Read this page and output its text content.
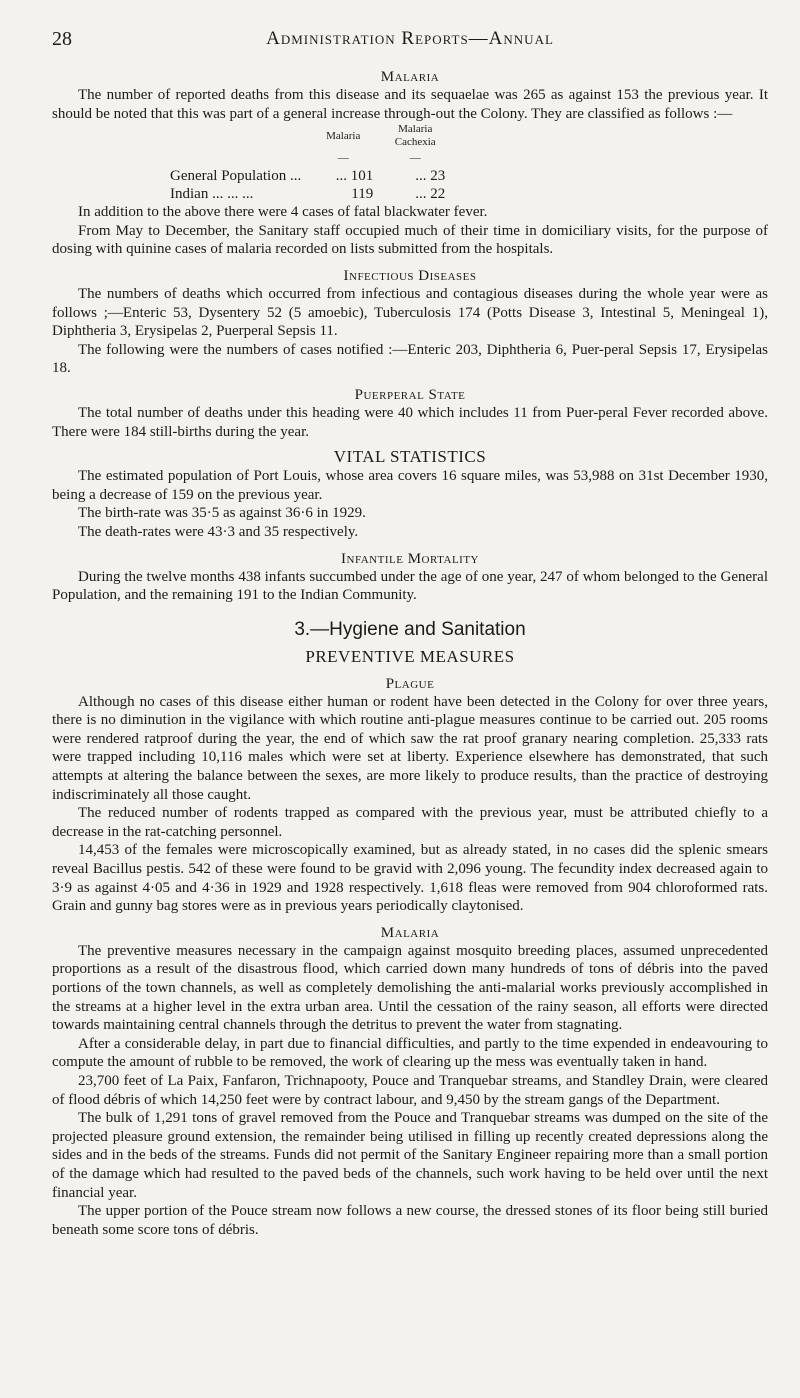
28	Administration Reports—Annual
Malaria

The number of reported deaths from this disease and its sequaelae was 265 as against 153 the previous year. It should be noted that this was part of a general increase through-out the Colony. They are classified as follows :—

	Malaria	Malaria Cachexia
	—	—
General Population ...	... 101	... 23
Indian ... ... ...	119	... 22

In addition to the above there were 4 cases of fatal blackwater fever.

From May to December, the Sanitary staff occupied much of their time in domiciliary visits, for the purpose of dosing with quinine cases of malaria recorded on lists submitted from the hospitals.

Infectious Diseases

The numbers of deaths which occurred from infectious and contagious diseases during the whole year were as follows ;—Enteric 53, Dysentery 52 (5 amoebic), Tuberculosis 174 (Potts Disease 3, Intestinal 5, Meningeal 1), Diphtheria 3, Erysipelas 2, Puerperal Sepsis 11.

The following were the numbers of cases notified :—Enteric 203, Diphtheria 6, Puer-peral Sepsis 17, Erysipelas 18.

Puerperal State

The total number of deaths under this heading were 40 which includes 11 from Puer-peral Fever recorded above. There were 184 still-births during the year.

VITAL STATISTICS

The estimated population of Port Louis, whose area covers 16 square miles, was 53,988 on 31st December 1930, being a decrease of 159 on the previous year.

The birth-rate was 35·5 as against 36·6 in 1929.

The death-rates were 43·3 and 35 respectively.

Infantile Mortality

During the twelve months 438 infants succumbed under the age of one year, 247 of whom belonged to the General Population, and the remaining 191 to the Indian Community.

3.—Hygiene and Sanitation
PREVENTIVE MEASURES
Plague

Although no cases of this disease either human or rodent have been detected in the Colony for over three years, there is no diminution in the vigilance with which routine anti-plague measures continue to be carried out. 205 rooms were rendered ratproof during the year, the end of which saw the rat proof granary nearing completion. 25,333 rats were trapped including 10,116 males which were set at liberty. Experience elsewhere has demonstrated, that such attempts at altering the balance between the sexes, are more likely to produce results, than the practice of destroying indiscriminately all those caught.

The reduced number of rodents trapped as compared with the previous year, must be attributed chiefly to a decrease in the rat-catching personnel.

14,453 of the females were microscopically examined, but as already stated, in no cases did the splenic smears reveal Bacillus pestis. 542 of these were found to be gravid with 2,096 young. The fecundity index decreased again to 3·9 as against 4·05 and 4·36 in 1929 and 1928 respectively. 1,618 fleas were removed from 904 chloroformed rats. Grain and gunny bag stores were as in previous years periodically claytonised.

Malaria

The preventive measures necessary in the campaign against mosquito breeding places, assumed unprecedented proportions as a result of the disastrous flood, which carried down many hundreds of tons of débris into the paved portions of the town channels, as well as completely demolishing the anti-malarial works previously accomplished in the streams at a higher level in the extra urban area. Until the cessation of the rainy season, all efforts were directed towards maintaining central channels through the detritus to prevent the water from stagnating.

After a considerable delay, in part due to financial difficulties, and partly to the time expended in endeavouring to compute the amount of rubble to be removed, the work of clearing up the mess was eventually taken in hand.

23,700 feet of La Paix, Fanfaron, Trichnapooty, Pouce and Tranquebar streams, and Standley Drain, were cleared of flood débris of which 14,250 feet were by contract labour, and 9,450 by the stream gangs of the Department.

The bulk of 1,291 tons of gravel removed from the Pouce and Tranquebar streams was dumped on the site of the projected pleasure ground extension, the remainder being utilised in filling up recently created depressions along the sides and in the beds of the streams. Funds did not permit of the Sanitary Engineer repairing more than a small portion of the damage which had resulted to the paved beds of the channels, such work having to be held over until the next financial year.

The upper portion of the Pouce stream now follows a new course, the dressed stones of its floor being still buried beneath some score tons of débris.
